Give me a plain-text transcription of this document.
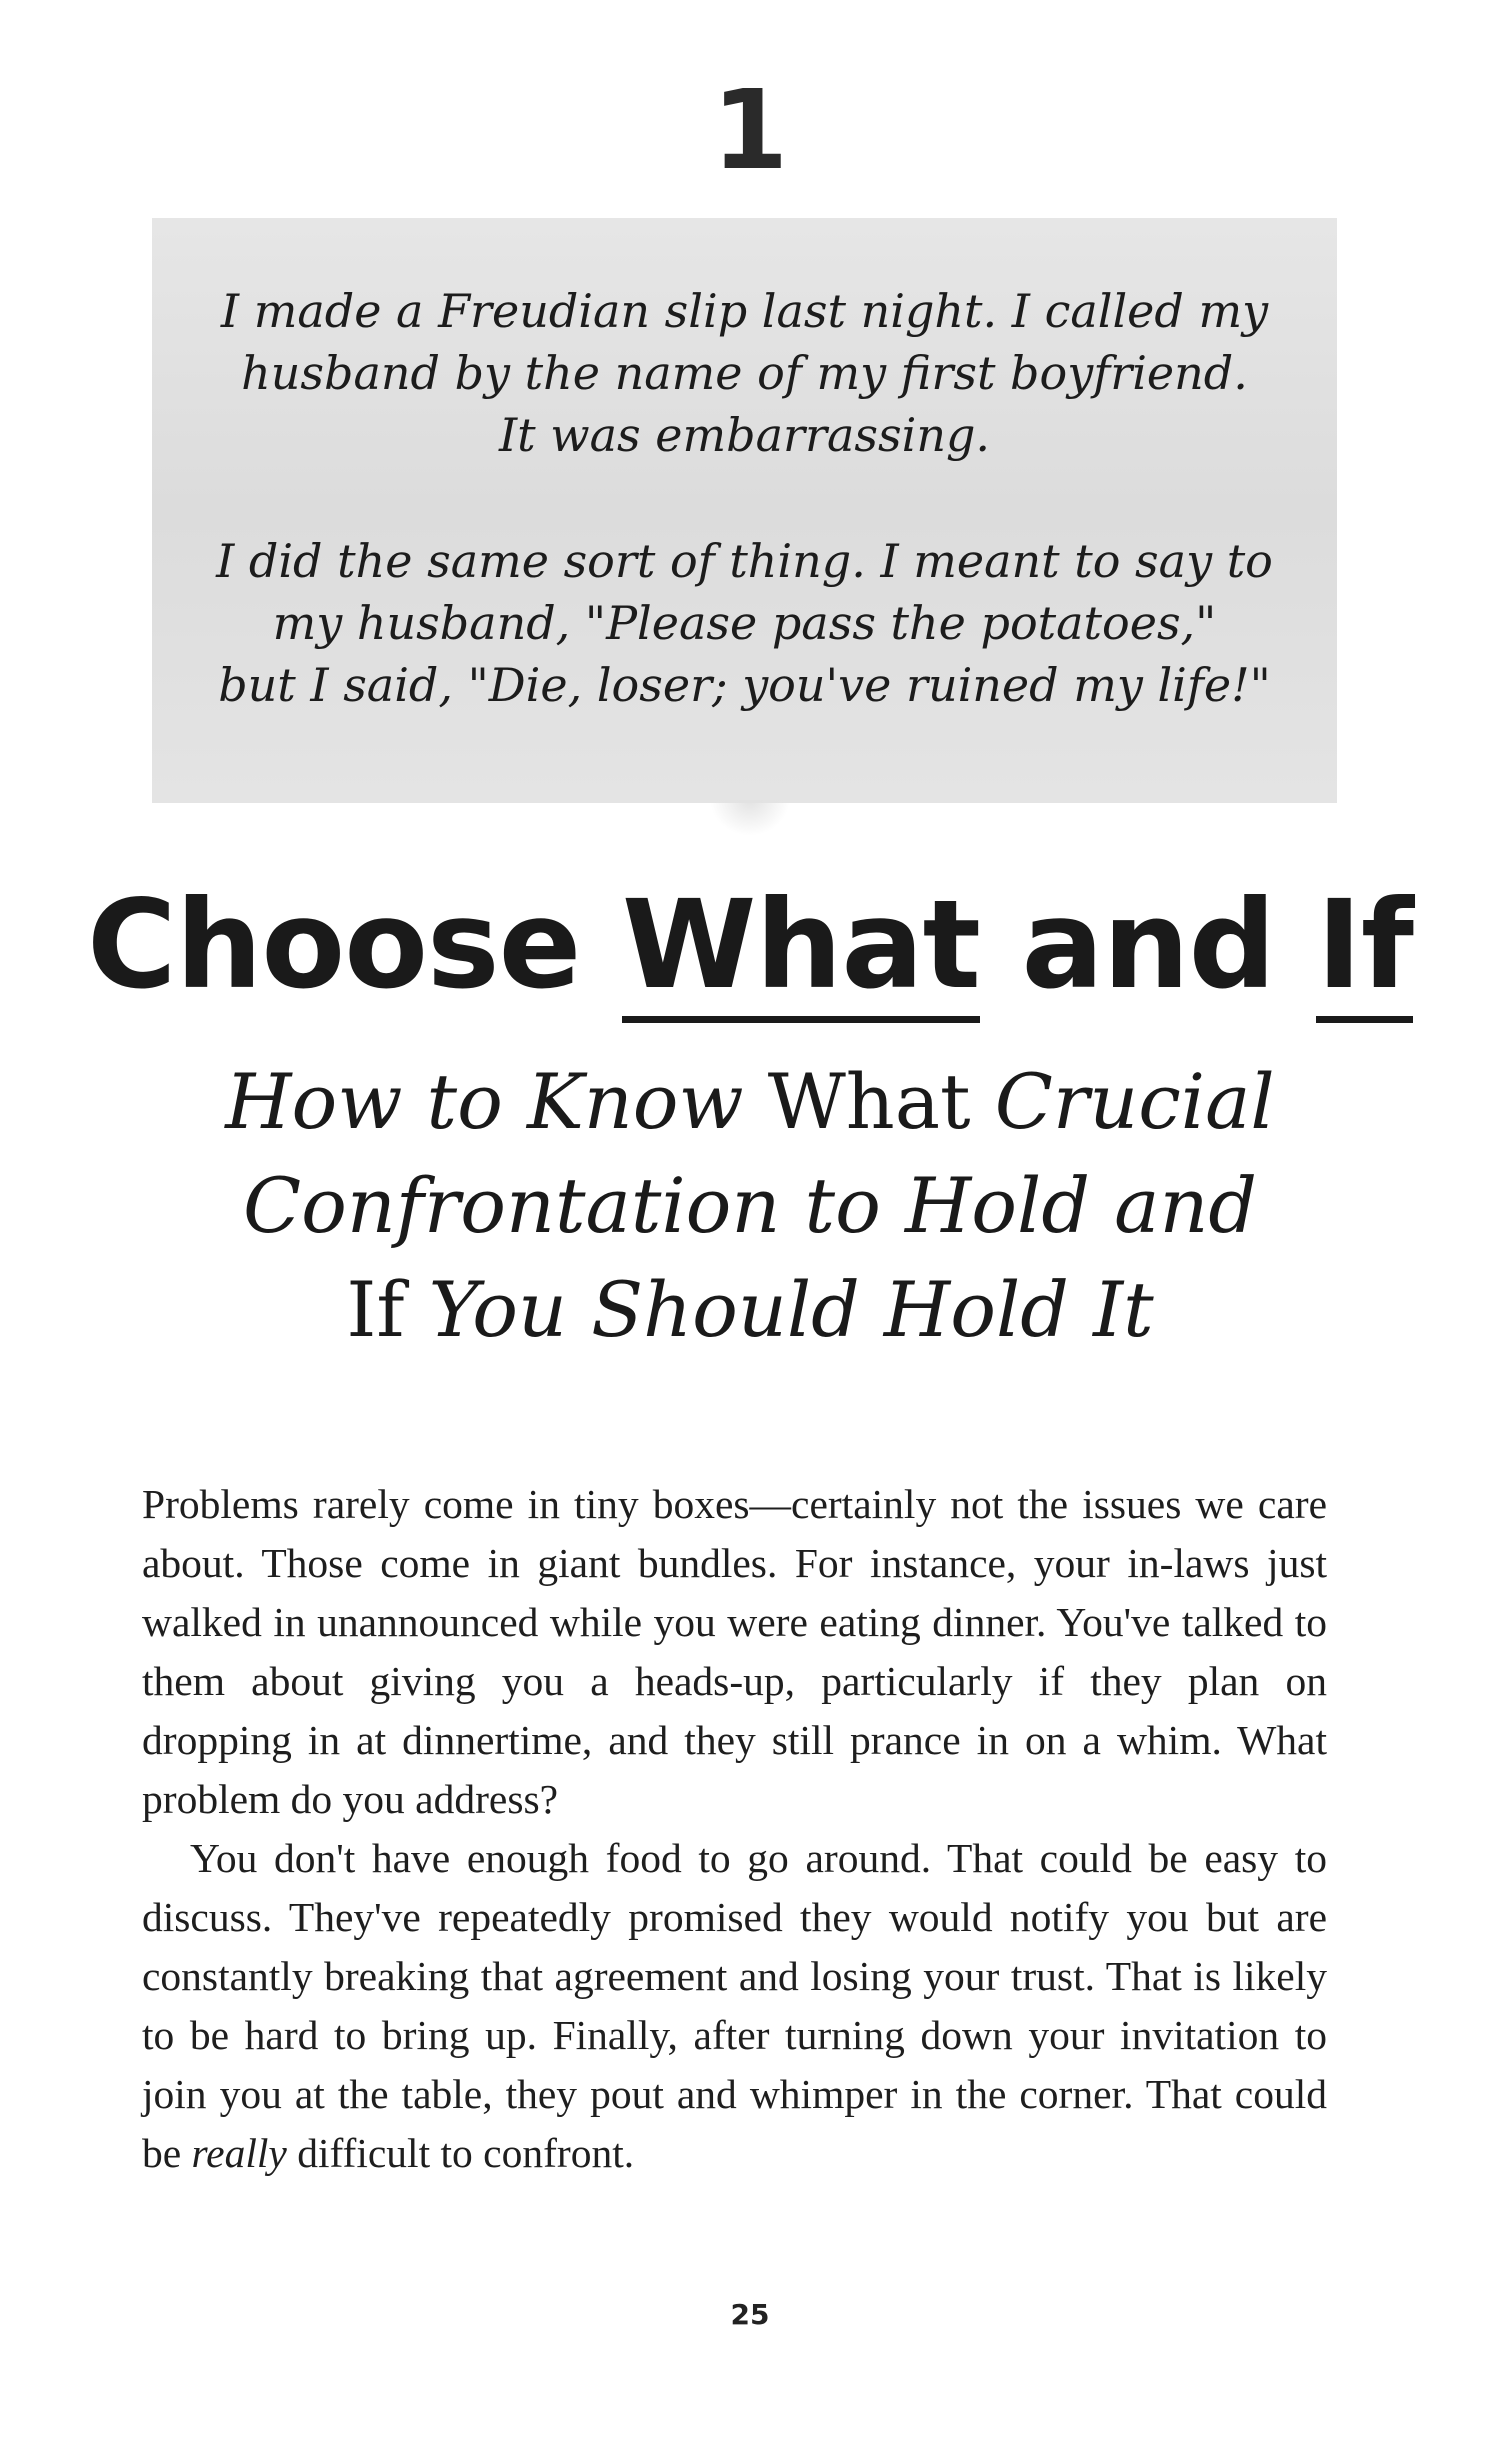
1
I made a Freudian slip last night. I called my
husband by the name of my first boyfriend.
It was embarrassing.
I did the same sort of thing. I meant to say to
my husband, "Please pass the potatoes,"
but I said, "Die, loser; you've ruined my life!"
Choose What and If
How to Know What Crucial
Confrontation to Hold and
If You Should Hold It

Problems rarely come in tiny boxes—certainly not the issues we care about. Those come in giant bundles. For instance, your in-laws just walked in unannounced while you were eating dinner. You've talked to them about giving you a heads-up, particularly if they plan on dropping in at dinnertime, and they still prance in on a whim. What problem do you address?

You don't have enough food to go around. That could be easy to discuss. They've repeatedly promised they would notify you but are constantly breaking that agreement and losing your trust. That is likely to be hard to bring up. Finally, after turning down your invitation to join you at the table, they pout and whimper in the corner. That could be really difficult to confront.

25
